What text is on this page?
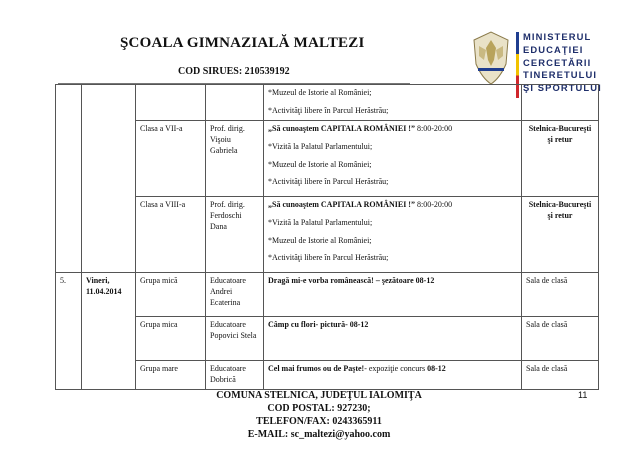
ŞCOALA GIMNAZIALĂ MALTEZI
COD SIRUES: 210539192
MINISTERUL
EDUCAŢIEI
CERCETĂRII
TINERETULUI
ŞI SPORTULUI

				*Muzeul de Istorie al României;

*Activităţi libere în Parcul Herăstrău;	

		Clasa a VII-a	Prof. dirig. Vişoiu Gabriela	„Să cunoaştem CAPITALA ROMÂNIEI !” 8:00-20:00

*Vizită la Palatul Parlamentului;

*Muzeul de Istorie al României;

*Activităţi libere în Parcul Herăstrău;	Stelnica-Bucureşti şi retur
		Clasa a VIII-a	Prof. dirig. Ferdoschi Dana	„Să cunoaştem CAPITALA ROMÂNIEI !” 8:00-20:00

*Vizită la Palatul Parlamentului;

*Muzeul de Istorie al României;

*Activităţi libere în Parcul Herăstrău;	Stelnica-Bucureşti şi retur
5.	Vineri, 11.04.2014	Grupa mică	Educatoare Andrei Ecaterina	Dragă mi-e vorba românească! – şezătoare 08-12	Sala de clasă
		Grupa mica	Educatoare Popovici Stela	Câmp cu flori- pictură- 08-12	Sala de clasă
		Grupa mare	Educatoare Dobrică	Cel mai frumos ou de Paşte!- expoziţie concurs 08-12	Sala de clasă
COMUNA STELNICA, JUDEŢUL IALOMIŢA
COD POSTAL: 927230;
TELEFON/FAX: 0243365911
E-MAIL: sc_maltezi@yahoo.com
11
